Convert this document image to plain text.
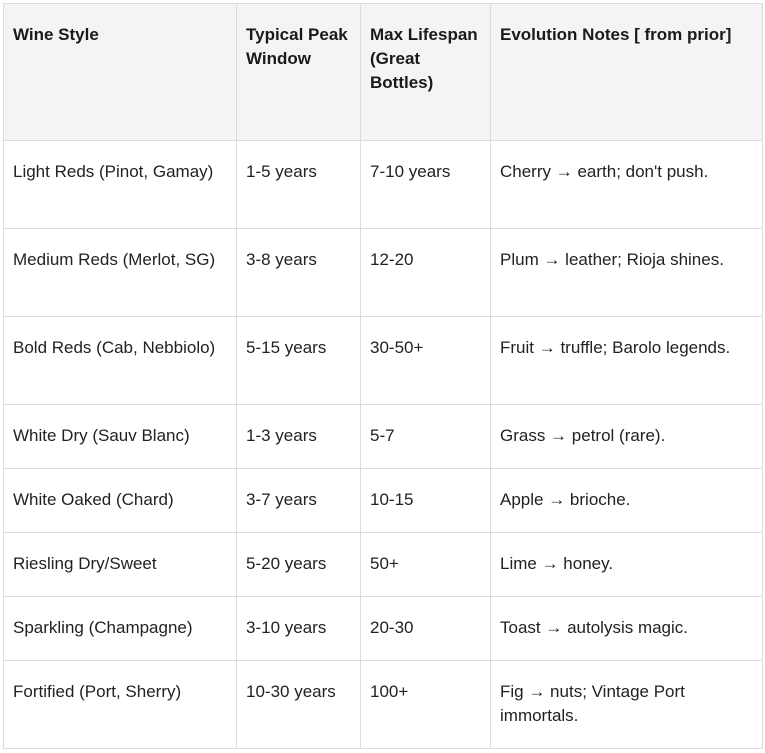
Wine Style	Typical Peak Window	Max Lifespan (Great Bottles)	Evolution Notes [ from prior]
Light Reds (Pinot, Gamay)	1-5 years	7-10 years	Cherry → earth; don't push.
Medium Reds (Merlot, SG)	3-8 years	12-20	Plum → leather; Rioja shines.
Bold Reds (Cab, Nebbiolo)	5-15 years	30-50+	Fruit → truffle; Barolo legends.
White Dry (Sauv Blanc)	1-3 years	5-7	Grass → petrol (rare).
White Oaked (Chard)	3-7 years	10-15	Apple → brioche.
Riesling Dry/Sweet	5-20 years	50+	Lime → honey.
Sparkling (Champagne)	3-10 years	20-30	Toast → autolysis magic.
Fortified (Port, Sherry)	10-30 years	100+	Fig → nuts; Vintage Port immortals.
